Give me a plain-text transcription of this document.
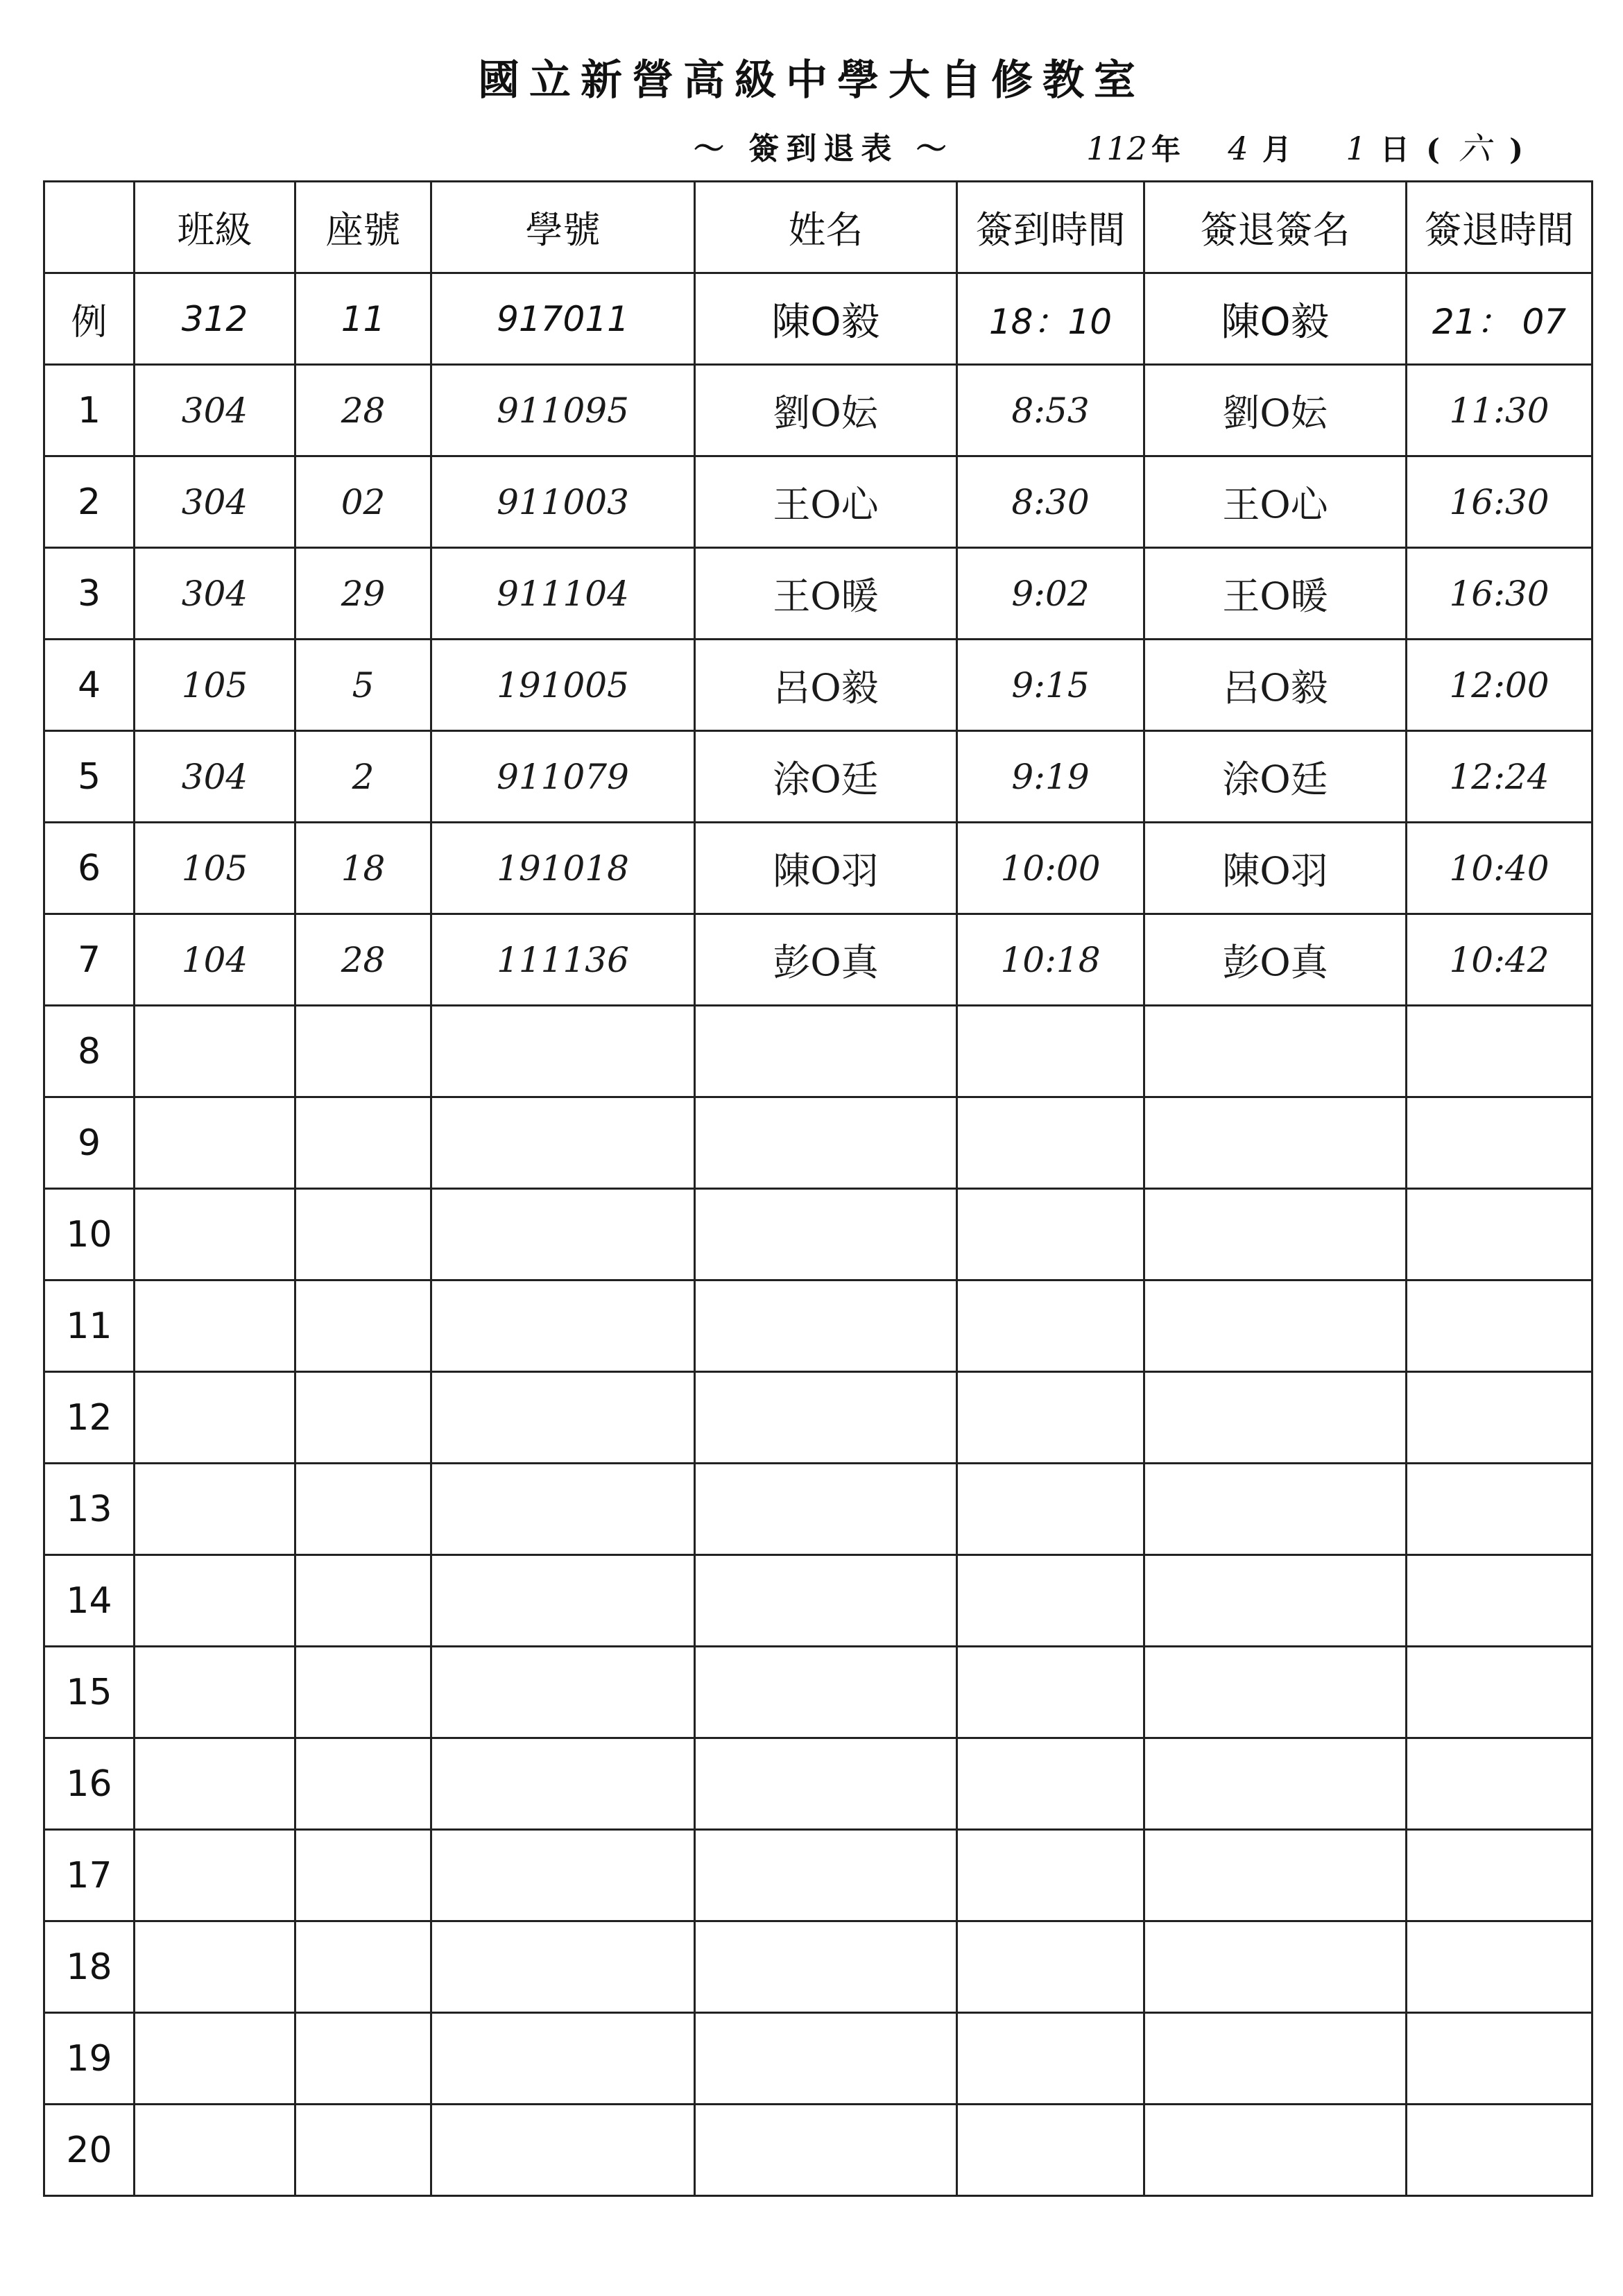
國立新營高級中學大自修教室
～ 簽到退表 ～	112 年	4 月	1 日 ( 六 )
	班級	座號	學號	姓名	簽到時間	簽退簽名	簽退時間
例	312	11	917011	陳O毅	18：10	陳O毅	21： 07
1	304	28	911095	劉O妘	8:53	劉O妘	11:30
2	304	02	911003	王O心	8:30	王O心	16:30
3	304	29	911104	王O暖	9:02	王O暖	16:30
4	105	5	191005	呂O毅	9:15	呂O毅	12:00
5	304	2	911079	涂O廷	9:19	涂O廷	12:24
6	105	18	191018	陳O羽	10:00	陳O羽	10:40
7	104	28	111136	彭O真	10:18	彭O真	10:42
8							
9							
10							
11							
12							
13							
14							
15							
16							
17							
18							
19							
20							
